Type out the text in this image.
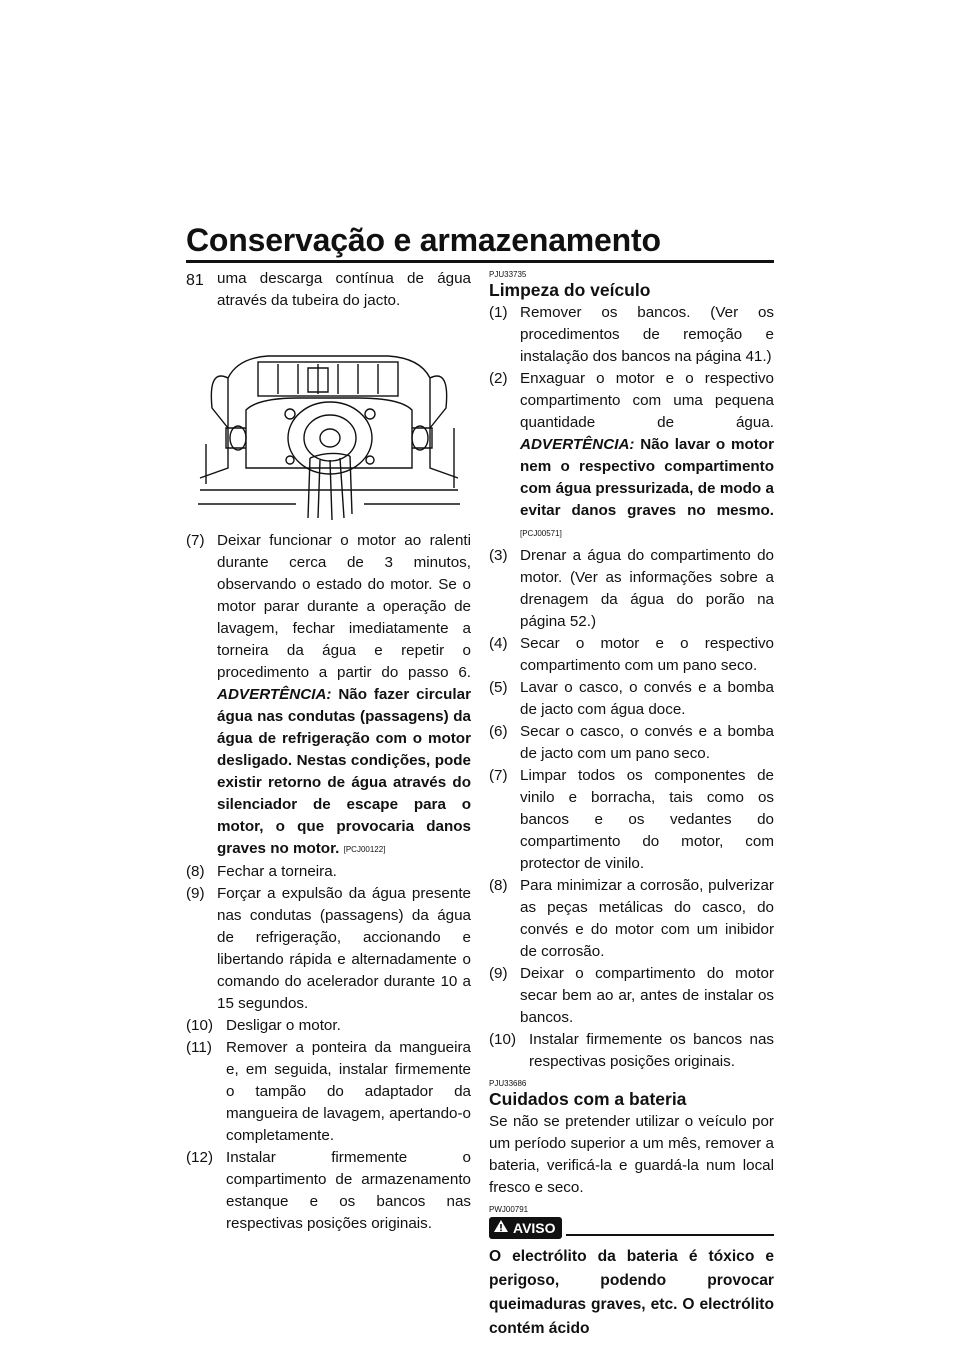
Conservação e armazenamento
81 uma descarga contínua de água através da tubeira do jacto.

(7) Deixar funcionar o motor ao ralenti durante cerca de 3 minutos, observando o estado do motor. Se o motor parar durante a operação de lavagem, fechar imediatamente a torneira da água e repetir o procedimento a partir do passo 6. ADVERTÊNCIA: Não fazer circular água nas condutas (passagens) da água de refrigeração com o motor desligado. Nestas condições, pode existir retorno de água através do silenciador de escape para o motor, o que provocaria danos graves no motor. [PCJ00122]
(8) Fechar a torneira.
(9) Forçar a expulsão da água presente nas condutas (passagens) da água de refrigeração, accionando e libertando rápida e alternadamente o comando do acelerador durante 10 a 15 segundos.
(10) Desligar o motor.
(11) Remover a ponteira da mangueira e, em seguida, instalar firmemente o tampão do adaptador da mangueira de lavagem, apertando-o completamente.
(12) Instalar firmemente o compartimento de armazenamento estanque e os bancos nas respectivas posições originais.
PJU33735
Limpeza do veículo
(1) Remover os bancos. (Ver os procedimentos de remoção e instalação dos bancos na página 41.)
(2) Enxaguar o motor e o respectivo compartimento com uma pequena quantidade de água. ADVERTÊNCIA: Não lavar o motor nem o respectivo compartimento com água pressurizada, de modo a evitar danos graves no mesmo. [PCJ00571]
(3) Drenar a água do compartimento do motor. (Ver as informações sobre a drenagem da água do porão na página 52.)
(4) Secar o motor e o respectivo compartimento com um pano seco.
(5) Lavar o casco, o convés e a bomba de jacto com água doce.
(6) Secar o casco, o convés e a bomba de jacto com um pano seco.
(7) Limpar todos os componentes de vinilo e borracha, tais como os bancos e os vedantes do compartimento do motor, com protector de vinilo.
(8) Para minimizar a corrosão, pulverizar as peças metálicas do casco, do convés e do motor com um inibidor de corrosão.
(9) Deixar o compartimento do motor secar bem ao ar, antes de instalar os bancos.
(10) Instalar firmemente os bancos nas respectivas posições originais.
PJU33686
Cuidados com a bateria

Se não se pretender utilizar o veículo por um período superior a um mês, remover a bateria, verificá-la e guardá-la num local fresco e seco.

PWJ00791
AVISO

O electrólito da bateria é tóxico e perigoso, podendo provocar queimaduras graves, etc. O electrólito contém ácido
